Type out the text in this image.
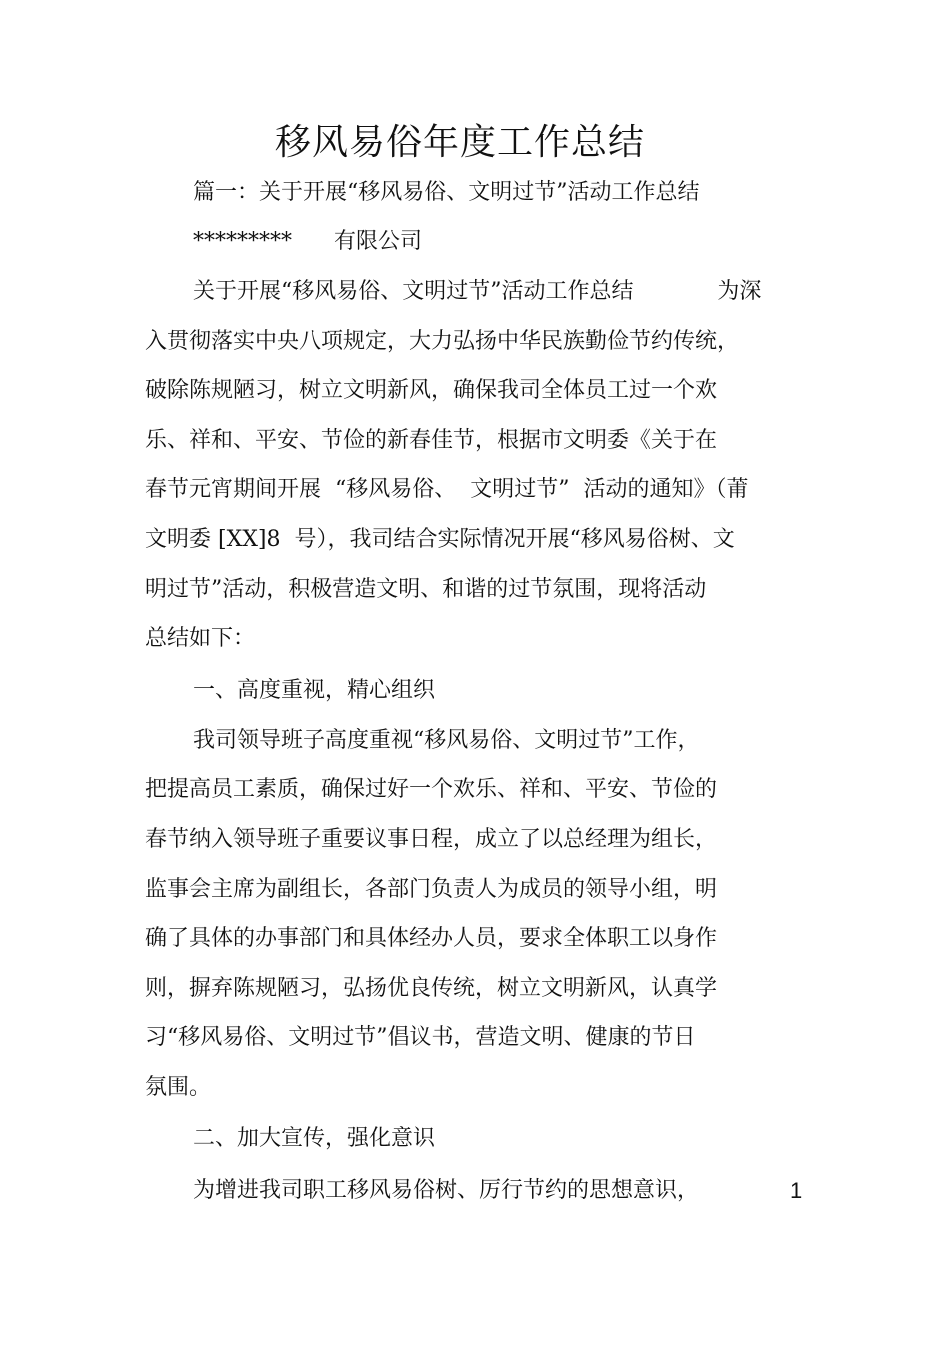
移风易俗年度工作总结
篇一：关于开展“移风易俗、文明过节”活动工作总结
*********      有限公司
关于开展“移风易俗、文明过节”活动工作总结            为深
入贯彻落实中央八项规定，大力弘扬中华民族勤俭节约传统，
破除陈规陋习，树立文明新风，确保我司全体员工过一个欢
乐、祥和、平安、节俭的新春佳节，根据市文明委《关于在
春节元宵期间开展  “移风易俗、  文明过节”  活动的通知》（莆
文明委 [XX]8  号），我司结合实际情况开展“移风易俗树、文
明过节”活动，积极营造文明、和谐的过节氛围，现将活动
总结如下：
一、高度重视，精心组织
我司领导班子高度重视“移风易俗、文明过节”工作，
把提高员工素质，确保过好一个欢乐、祥和、平安、节俭的
春节纳入领导班子重要议事日程，成立了以总经理为组长，
监事会主席为副组长，各部门负责人为成员的领导小组，明
确了具体的办事部门和具体经办人员，要求全体职工以身作
则，摒弃陈规陋习，弘扬优良传统，树立文明新风，认真学
习“移风易俗、文明过节”倡议书，营造文明、健康的节日
氛围。
二、加大宣传，强化意识
为增进我司职工移风易俗树、厉行节约的思想意识，	1
